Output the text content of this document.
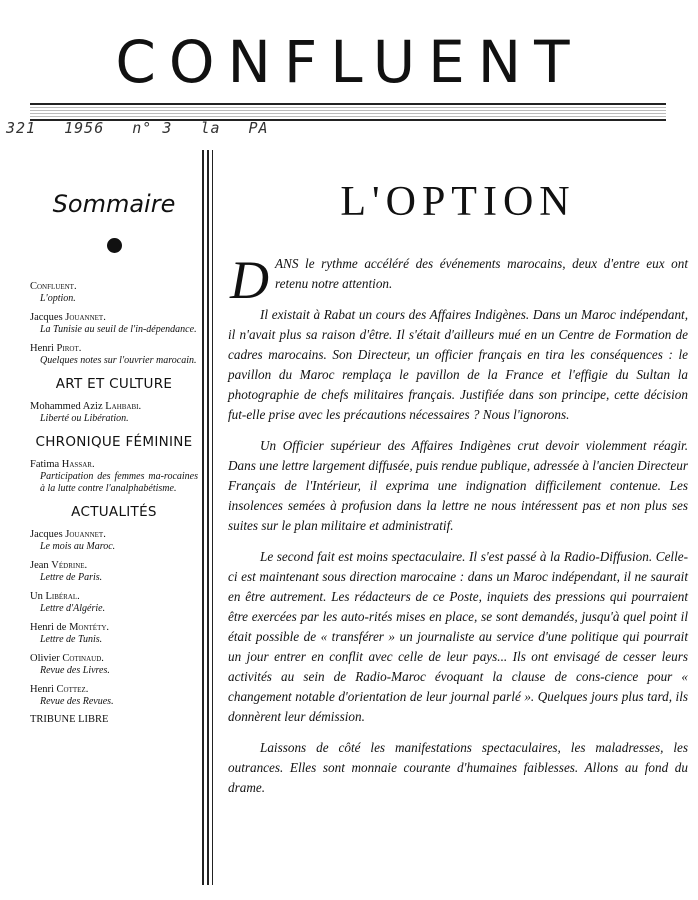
CONFLUENT
321 1956 n° 3 la PA
Sommaire
Confluent.
L'option.
Jacques Jouannet.
La Tunisie au seuil de l'in-dépendance.
Henri Pirot.
Quelques notes sur l'ouvrier marocain.
ART ET CULTURE
Mohammed Aziz Lahbabi.
Liberté ou Libération.
CHRONIQUE FÉMININE
Fatima Hassar.
Participation des femmes ma-rocaines à la lutte contre l'analphabétisme.
ACTUALITÉS
Jacques Jouannet.
Le mois au Maroc.
Jean Védrine.
Lettre de Paris.
Un Libéral.
Lettre d'Algérie.
Henri de Montéty.
Lettre de Tunis.
Olivier Cotinaud.
Revue des Livres.
Henri Cottez.
Revue des Revues.
TRIBUNE LIBRE
L'OPTION

D ANS le rythme accéléré des événements marocains, deux d'entre eux ont retenu notre attention.

Il existait à Rabat un cours des Affaires Indigènes. Dans un Maroc indépendant, il n'avait plus sa raison d'être. Il s'était d'ailleurs mué en un Centre de Formation de cadres marocains. Son Directeur, un officier français en tira les conséquences : le pavillon du Maroc remplaça le pavillon de la France et l'effigie du Sultan la photographie de chefs militaires français. Justifiée dans son principe, cette décision fut-elle prise avec les précautions nécessaires ? Nous l'ignorons.

Un Officier supérieur des Affaires Indigènes crut devoir violemment réagir. Dans une lettre largement diffusée, puis rendue publique, adressée à l'ancien Directeur Français de l'Intérieur, il exprima une indignation difficilement contenue. Les insolences semées à profusion dans la lettre ne nous intéressent pas et non plus ses suites sur le plan militaire et administratif.

Le second fait est moins spectaculaire. Il s'est passé à la Radio-Diffusion. Celle-ci est maintenant sous direction marocaine : dans un Maroc indépendant, il ne saurait en être autrement. Les rédacteurs de ce Poste, inquiets des pressions qui pourraient être exercées par les auto-rités mises en place, se sont demandés, jusqu'à quel point il était possible de « transférer » un journaliste au service d'une politique qui pourrait un jour entrer en conflit avec celle de leur pays... Ils ont envisagé de cesser leurs activités au sein de Radio-Maroc évoquant la clause de cons-cience pour « changement notable d'orientation de leur journal parlé ». Quelques jours plus tard, ils donnèrent leur démission.

Laissons de côté les manifestations spectaculaires, les maladresses, les outrances. Elles sont monnaie courante d'humaines faiblesses. Allons au fond du drame.
